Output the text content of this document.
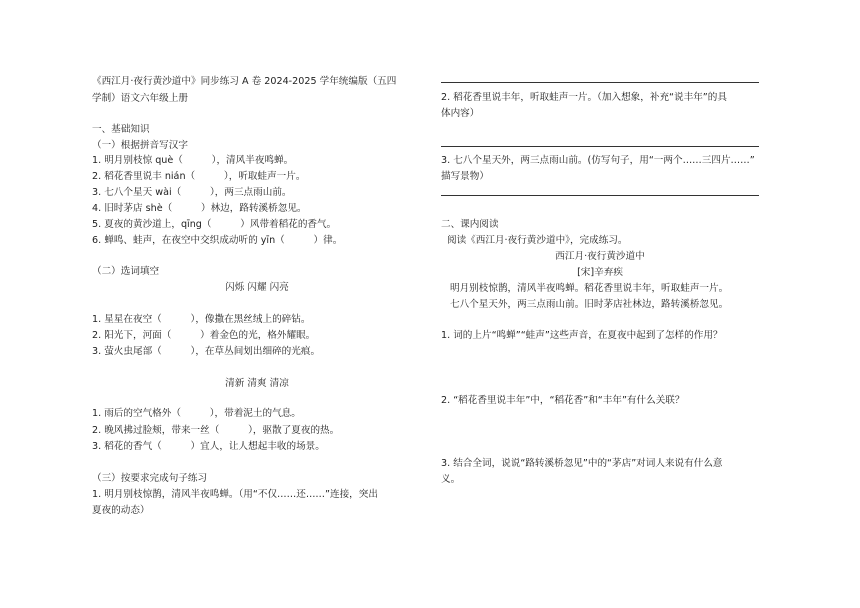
《西江月·夜行黄沙道中》同步练习 A 卷 2024-2025 学年统编版（五四
学制）语文六年级上册
一、基础知识
（一）根据拼音写汉字
1. 明月别枝惊 què（　　　），清风半夜鸣蝉。
2. 稻花香里说丰 nián（　　　），听取蛙声一片。
3. 七八个星天 wài（　　　），两三点雨山前。
4. 旧时茅店 shè（　　　）林边，路转溪桥忽见。
5. 夏夜的黄沙道上，qīng（　　　）风带着稻花的香气。
6. 蝉鸣、蛙声，在夜空中交织成动听的 yīn（　　　）律。
（二）选词填空
闪烁 闪耀 闪亮
1. 星星在夜空（　　　），像撒在黑丝绒上的碎钻。
2. 阳光下，河面（　　　）着金色的光，格外耀眼。
3. 萤火虫尾部（　　　），在草丛间划出细碎的光痕。
清新 清爽 清凉
1. 雨后的空气格外（　　　），带着泥土的气息。
2. 晚风拂过脸颊，带来一丝（　　　），驱散了夏夜的热。
3. 稻花的香气（　　　）宜人，让人想起丰收的场景。
（三）按要求完成句子练习
1. 明月别枝惊鹊，清风半夜鸣蝉。（用“不仅……还……”连接，突出
夏夜的动态）
2. 稻花香里说丰年，听取蛙声一片。（加入想象，补充“说丰年”的具
体内容）
3. 七八个星天外，两三点雨山前。(仿写句子，用“一两个……三四片……”
描写景物）
二、课内阅读
阅读《西江月·夜行黄沙道中》，完成练习。
西江月·夜行黄沙道中
[宋]辛弃疾
明月别枝惊鹊，清风半夜鸣蝉。稻花香里说丰年，听取蛙声一片。
七八个星天外，两三点雨山前。旧时茅店社林边，路转溪桥忽见。
1. 词的上片“鸣蝉”“蛙声”这些声音，在夏夜中起到了怎样的作用？
2. “稻花香里说丰年”中，“稻花香”和“丰年”有什么关联？
3. 结合全词，说说“路转溪桥忽见”中的“茅店”对词人来说有什么意
义。
